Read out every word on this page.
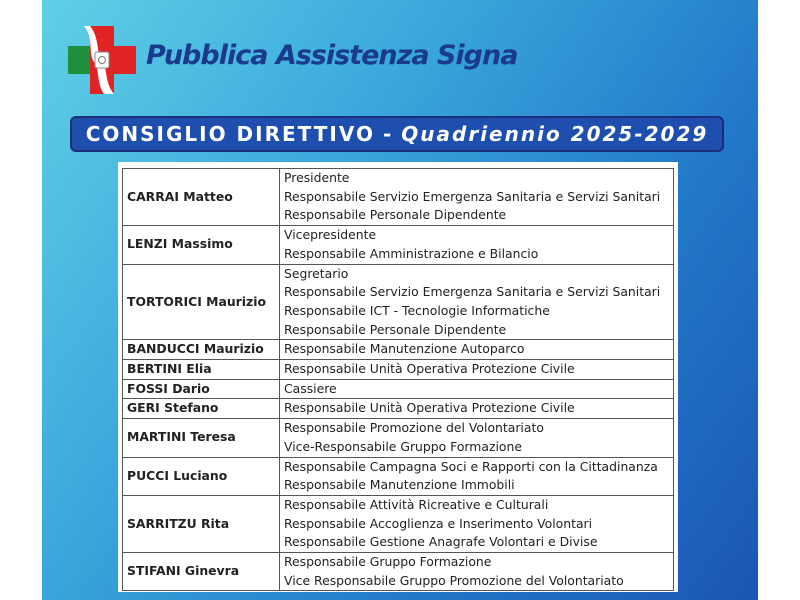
Pubblica Assistenza Signa
CONSIGLIO DIRETTIVO - Quadriennio 2025-2029
CARRAI Matteo	Presidente
Responsabile Servizio Emergenza Sanitaria e Servizi Sanitari
Responsabile Personale Dipendente

LENZI Massimo	Vicepresidente
Responsabile Amministrazione e Bilancio

TORTORICI Maurizio	Segretario
Responsabile Servizio Emergenza Sanitaria e Servizi Sanitari
Responsabile ICT - Tecnologie Informatiche
Responsabile Personale Dipendente

BANDUCCI Maurizio	Responsabile Manutenzione Autoparco

BERTINI Elia	Responsabile Unità Operativa Protezione Civile

FOSSI Dario	Cassiere

GERI Stefano	Responsabile Unità Operativa Protezione Civile

MARTINI Teresa	Responsabile Promozione del Volontariato
Vice-Responsabile Gruppo Formazione

PUCCI Luciano	Responsabile Campagna Soci e Rapporti con la Cittadinanza
Responsabile Manutenzione Immobili

SARRITZU Rita	Responsabile Attività Ricreative e Culturali
Responsabile Accoglienza e Inserimento Volontari
Responsabile Gestione Anagrafe Volontari e Divise

STIFANI Ginevra	Responsabile Gruppo Formazione
Vice Responsabile Gruppo Promozione del Volontariato
